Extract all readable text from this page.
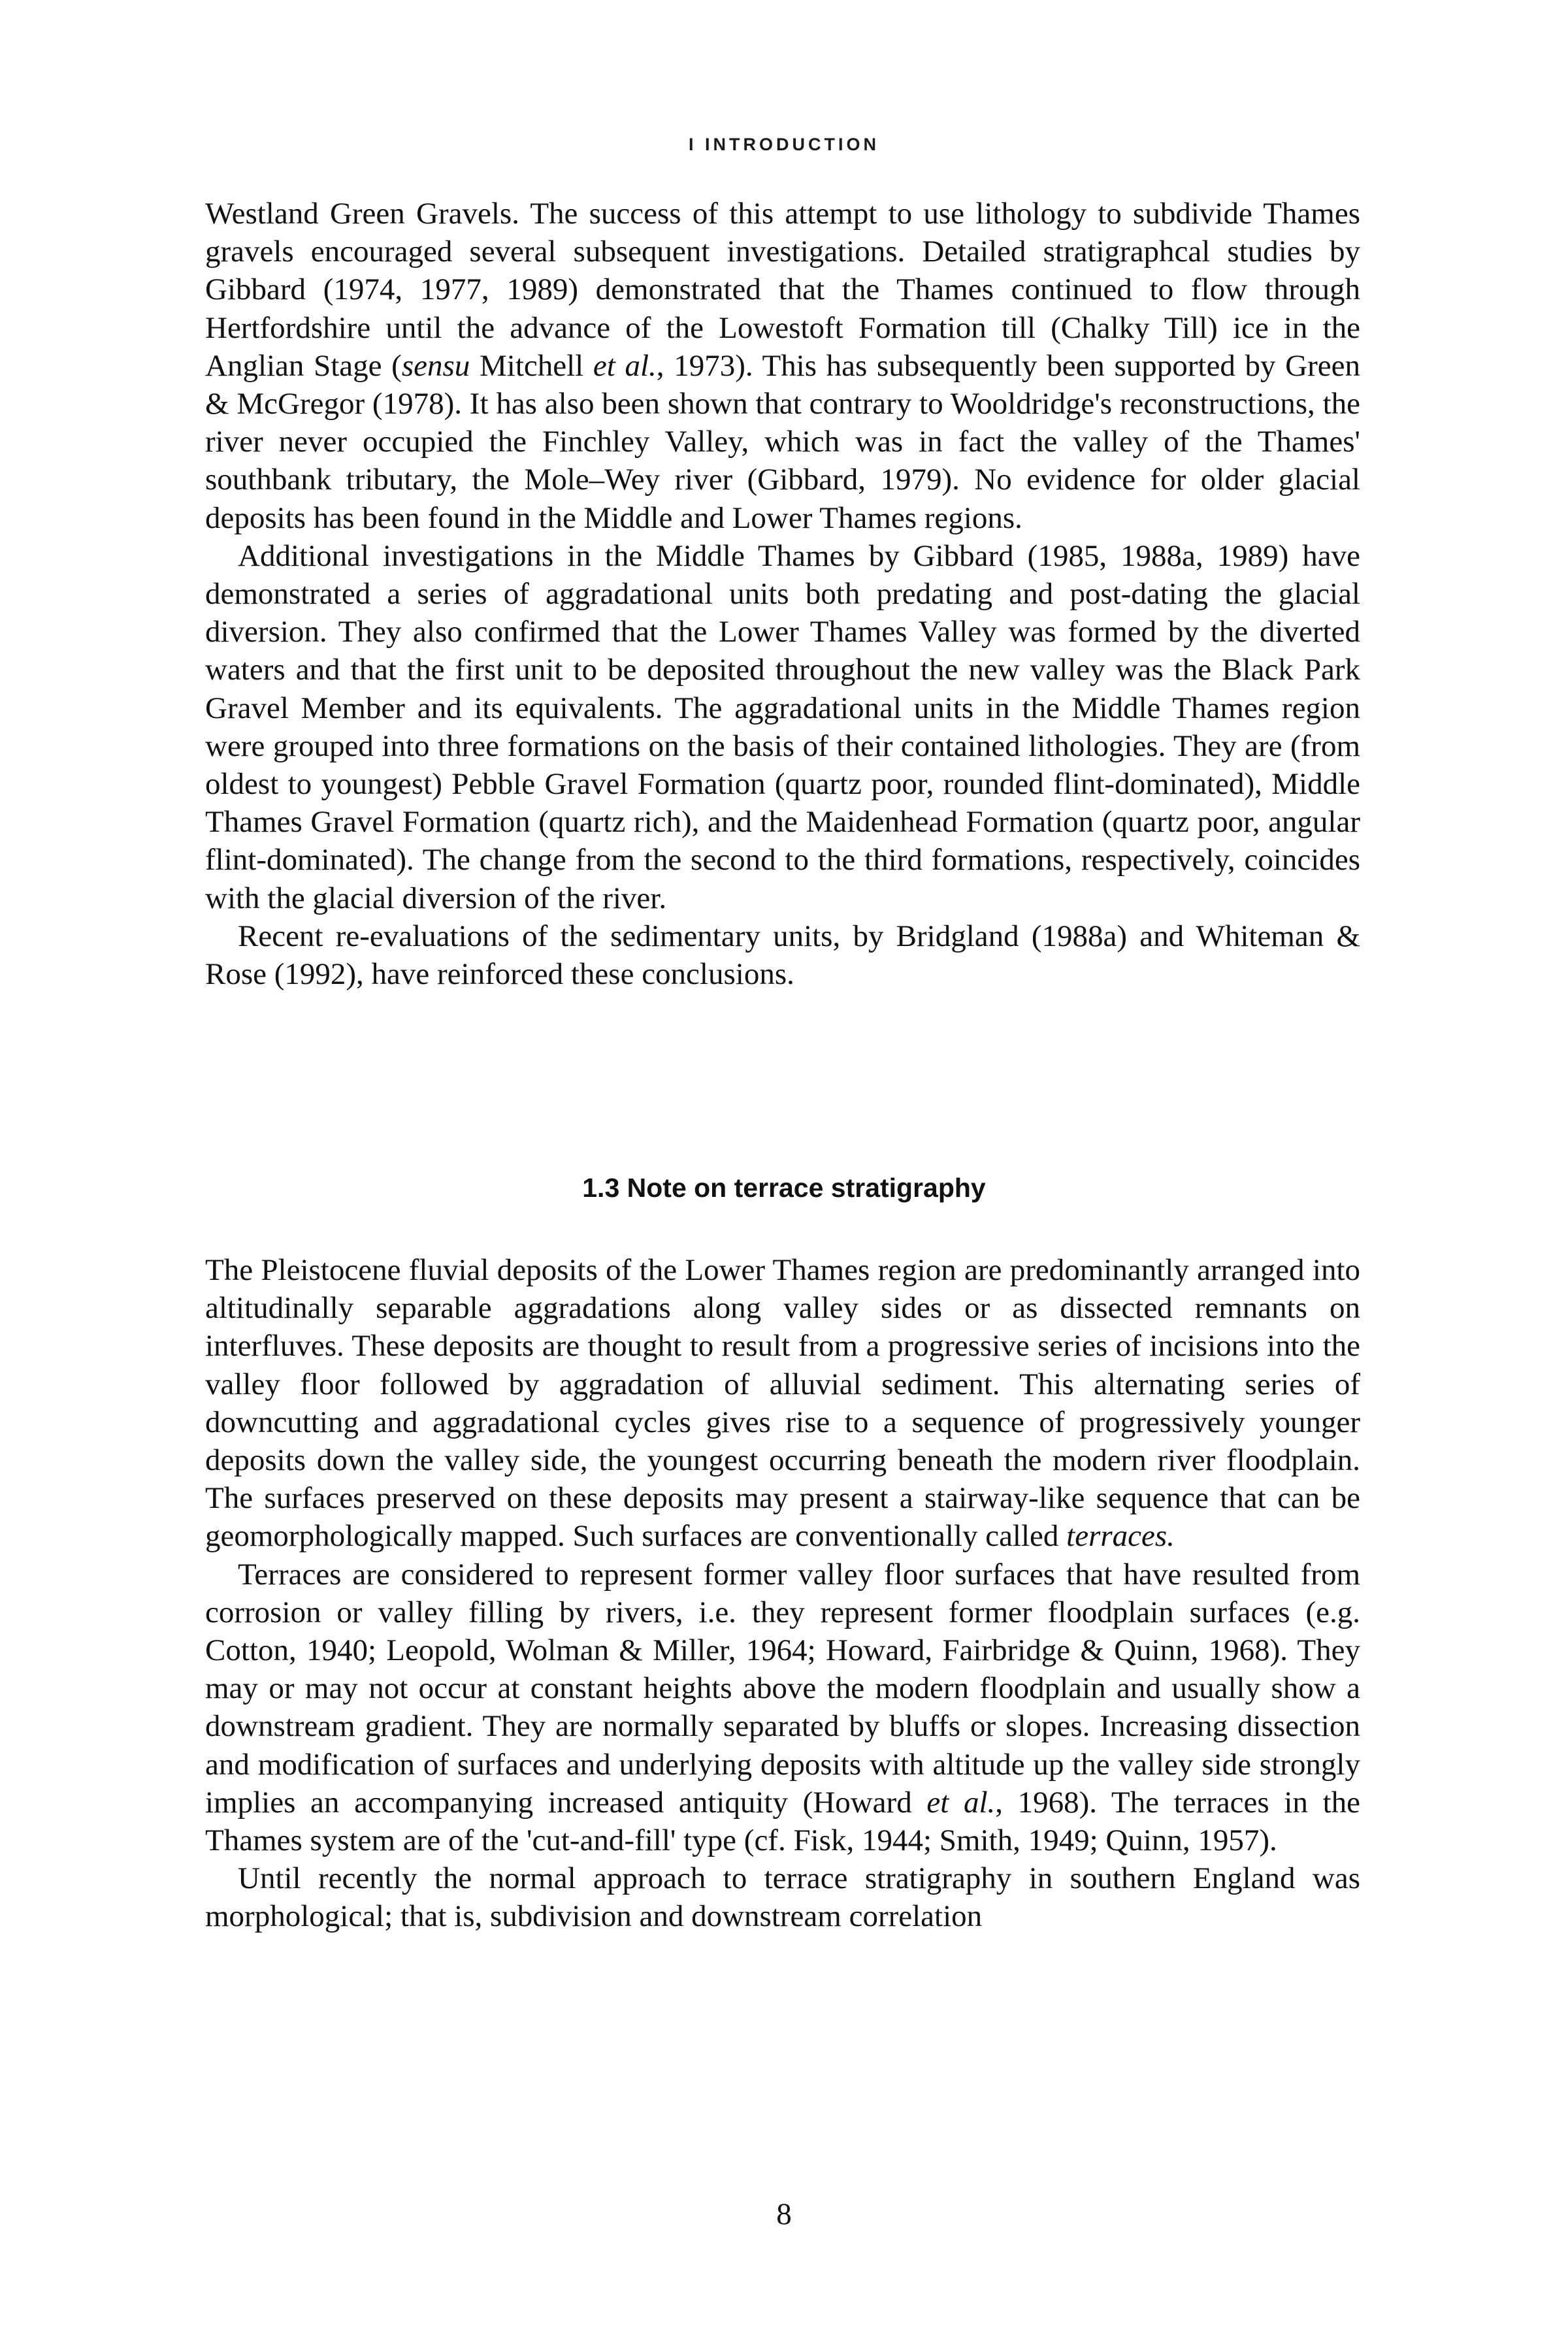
I INTRODUCTION

Westland Green Gravels. The success of this attempt to use lithology to subdivide Thames gravels encouraged several subsequent investigations. Detailed stratigraphcal studies by Gibbard (1974, 1977, 1989) demonstrated that the Thames continued to flow through Hertfordshire until the advance of the Lowestoft Formation till (Chalky Till) ice in the Anglian Stage (sensu Mitchell et al., 1973). This has subsequently been supported by Green & McGregor (1978). It has also been shown that contrary to Wooldridge's reconstructions, the river never occupied the Finchley Valley, which was in fact the valley of the Thames' southbank tributary, the Mole–Wey river (Gibbard, 1979). No evidence for older glacial deposits has been found in the Middle and Lower Thames regions.

Additional investigations in the Middle Thames by Gibbard (1985, 1988a, 1989) have demonstrated a series of aggradational units both predating and post-dating the glacial diversion. They also confirmed that the Lower Thames Valley was formed by the diverted waters and that the first unit to be deposited throughout the new valley was the Black Park Gravel Member and its equivalents. The aggradational units in the Middle Thames region were grouped into three formations on the basis of their contained lithologies. They are (from oldest to youngest) Pebble Gravel Formation (quartz poor, rounded flint-dominated), Middle Thames Gravel Formation (quartz rich), and the Maidenhead Formation (quartz poor, angular flint-dominated). The change from the second to the third formations, respectively, coincides with the glacial diversion of the river.

Recent re-evaluations of the sedimentary units, by Bridgland (1988a) and Whiteman & Rose (1992), have reinforced these conclusions.

1.3 Note on terrace stratigraphy

The Pleistocene fluvial deposits of the Lower Thames region are predominantly arranged into altitudinally separable aggradations along valley sides or as dissected remnants on interfluves. These deposits are thought to result from a progressive series of incisions into the valley floor followed by aggradation of alluvial sediment. This alternating series of downcutting and aggradational cycles gives rise to a sequence of progressively younger deposits down the valley side, the youngest occurring beneath the modern river floodplain. The surfaces preserved on these deposits may present a stairway-like sequence that can be geomorphologically mapped. Such surfaces are conventionally called terraces.

Terraces are considered to represent former valley floor surfaces that have resulted from corrosion or valley filling by rivers, i.e. they represent former floodplain surfaces (e.g. Cotton, 1940; Leopold, Wolman & Miller, 1964; Howard, Fairbridge & Quinn, 1968). They may or may not occur at constant heights above the modern floodplain and usually show a downstream gradient. They are normally separated by bluffs or slopes. Increasing dissection and modification of surfaces and underlying deposits with altitude up the valley side strongly implies an accompanying increased antiquity (Howard et al., 1968). The terraces in the Thames system are of the 'cut-and-fill' type (cf. Fisk, 1944; Smith, 1949; Quinn, 1957).

Until recently the normal approach to terrace stratigraphy in southern England was morphological; that is, subdivision and downstream correlation

8
